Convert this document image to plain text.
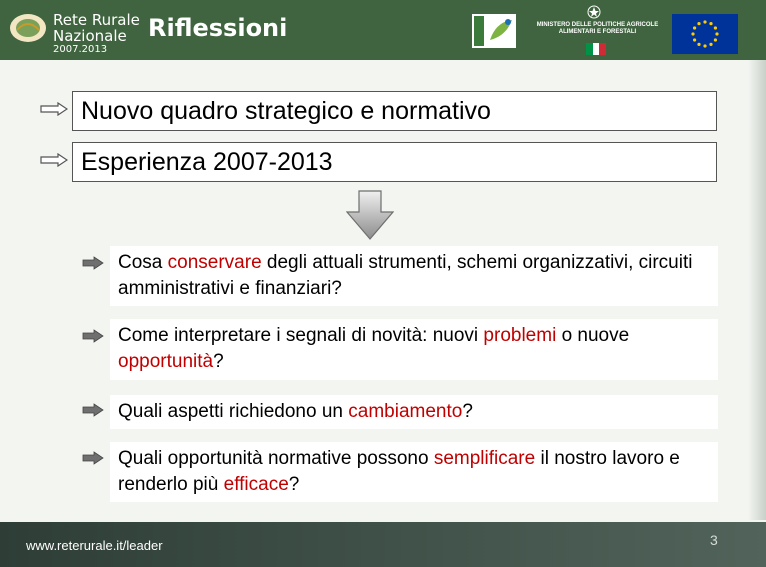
Rete Rurale
Nazionale
2007.2013
Riflessioni	MINISTERO DELLE POLITICHE AGRICOLE
ALIMENTARI E FORESTALI
Nuovo quadro strategico e normativo
Esperienza 2007-2013
Cosa conservare degli attuali strumenti, schemi organizzativi, circuiti amministrativi e finanziari?
Come interpretare i segnali di novità: nuovi problemi o nuove opportunità?
Quali aspetti richiedono un cambiamento?
Quali opportunità normative possono semplificare il nostro lavoro e renderlo più efficace?
www.reterurale.it/leader	3
